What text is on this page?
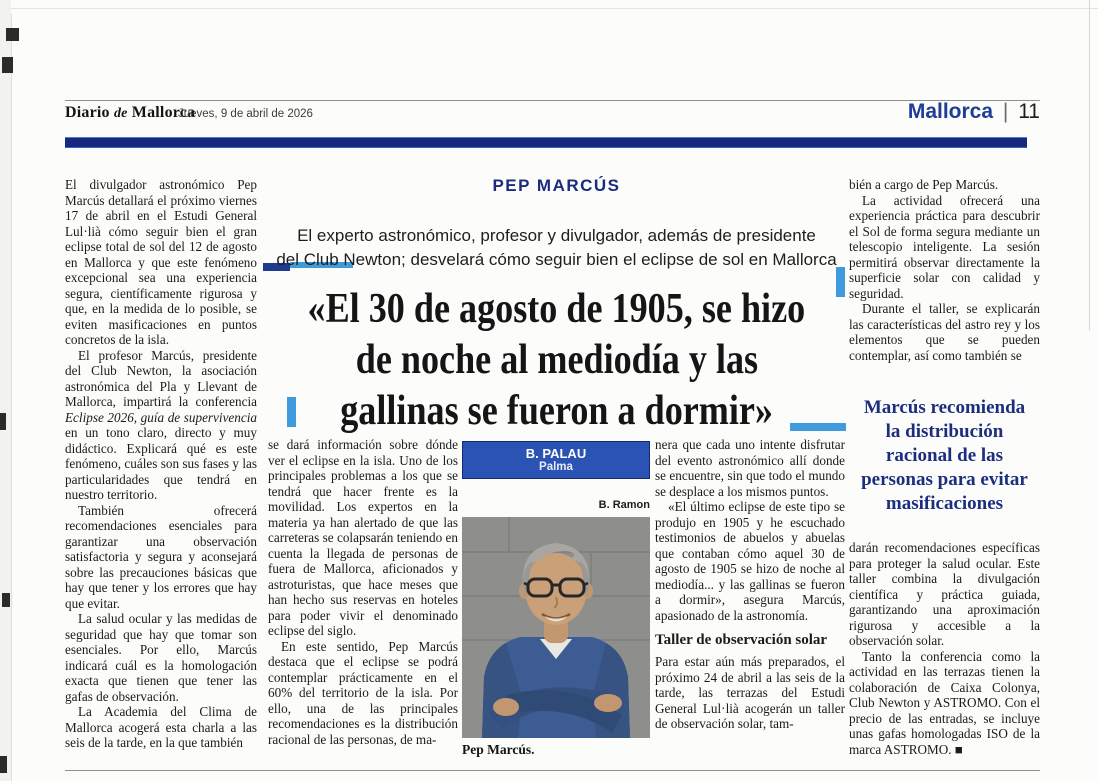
Diario de Mallorca
Jueves, 9 de abril de 2026	Mallorca | 11

El divulgador astronómico Pep Marcús detallará el próximo viernes 17 de abril en el Estudi General Lul·lià cómo seguir bien el gran eclipse total de sol del 12 de agosto en Mallorca y que este fenómeno excepcional sea una experiencia segura, científicamente rigurosa y que, en la medida de lo posible, se eviten masificaciones en puntos concretos de la isla.

El profesor Marcús, presidente del Club Newton, la asociación astronómica del Pla y Llevant de Mallorca, impartirá la conferencia Eclipse 2026, guía de supervivencia en un tono claro, directo y muy didáctico. Explicará qué es este fenómeno, cuáles son sus fases y las particularidades que tendrá en nuestro territorio.

También ofrecerá recomendaciones esenciales para garantizar una observación satisfactoria y segura y aconsejará sobre las precauciones básicas que hay que tener y los errores que hay que evitar.

La salud ocular y las medidas de seguridad que hay que tomar son esenciales. Por ello, Marcús indicará cuál es la homologación exacta que tienen que tener las gafas de observación.

La Academia del Clima de Mallorca acogerá esta charla a las seis de la tarde, en la que también

PEP MARCÚS
El experto astronómico, profesor y divulgador, además de presidente
del Club Newton; desvelará cómo seguir bien el eclipse de sol en Mallorca
«El 30 de agosto de 1905, se hizo
de noche al mediodía y las
gallinas se fueron a dormir»

se dará información sobre dónde ver el eclipse en la isla. Uno de los principales problemas a los que se tendrá que hacer frente es la movilidad. Los expertos en la materia ya han alertado de que las carreteras se colapsarán teniendo en cuenta la llegada de personas de fuera de Mallorca, aficionados y astroturistas, que hace meses que han hecho sus reservas en hoteles para poder vivir el denominado eclipse del siglo.

En este sentido, Pep Marcús destaca que el eclipse se podrá contemplar prácticamente en el 60% del territorio de la isla. Por ello, una de las principales recomendaciones es la distribución racional de las personas, de ma-

B. PALAU
Palma
B. Ramon
Pep Marcús.

nera que cada uno intente disfrutar del evento astronómico allí donde se encuentre, sin que todo el mundo se desplace a los mismos puntos.

«El último eclipse de este tipo se produjo en 1905 y he escuchado testimonios de abuelos y abuelas que contaban cómo aquel 30 de agosto de 1905 se hizo de noche al mediodía... y las gallinas se fueron a dormir», asegura Marcús, apasionado de la astronomía.

Taller de observación solar

Para estar aún más preparados, el próximo 24 de abril a las seis de la tarde, las terrazas del Estudi General Lul·lià acogerán un taller de observación solar, tam-

bién a cargo de Pep Marcús.

La actividad ofrecerá una experiencia práctica para descubrir el Sol de forma segura mediante un telescopio inteligente. La sesión permitirá observar directamente la superficie solar con calidad y seguridad.

Durante el taller, se explicarán las características del astro rey y los elementos que se pueden contemplar, así como también se

Marcús recomienda
la distribución
racional de las
personas para evitar
masificaciones

darán recomendaciones específicas para proteger la salud ocular. Este taller combina la divulgación científica y práctica guiada, garantizando una aproximación rigurosa y accesible a la observación solar.

Tanto la conferencia como la actividad en las terrazas tienen la colaboración de Caixa Colonya, Club Newton y ASTROMO. Con el precio de las entradas, se incluye unas gafas homologadas ISO de la marca ASTROMO. ■
